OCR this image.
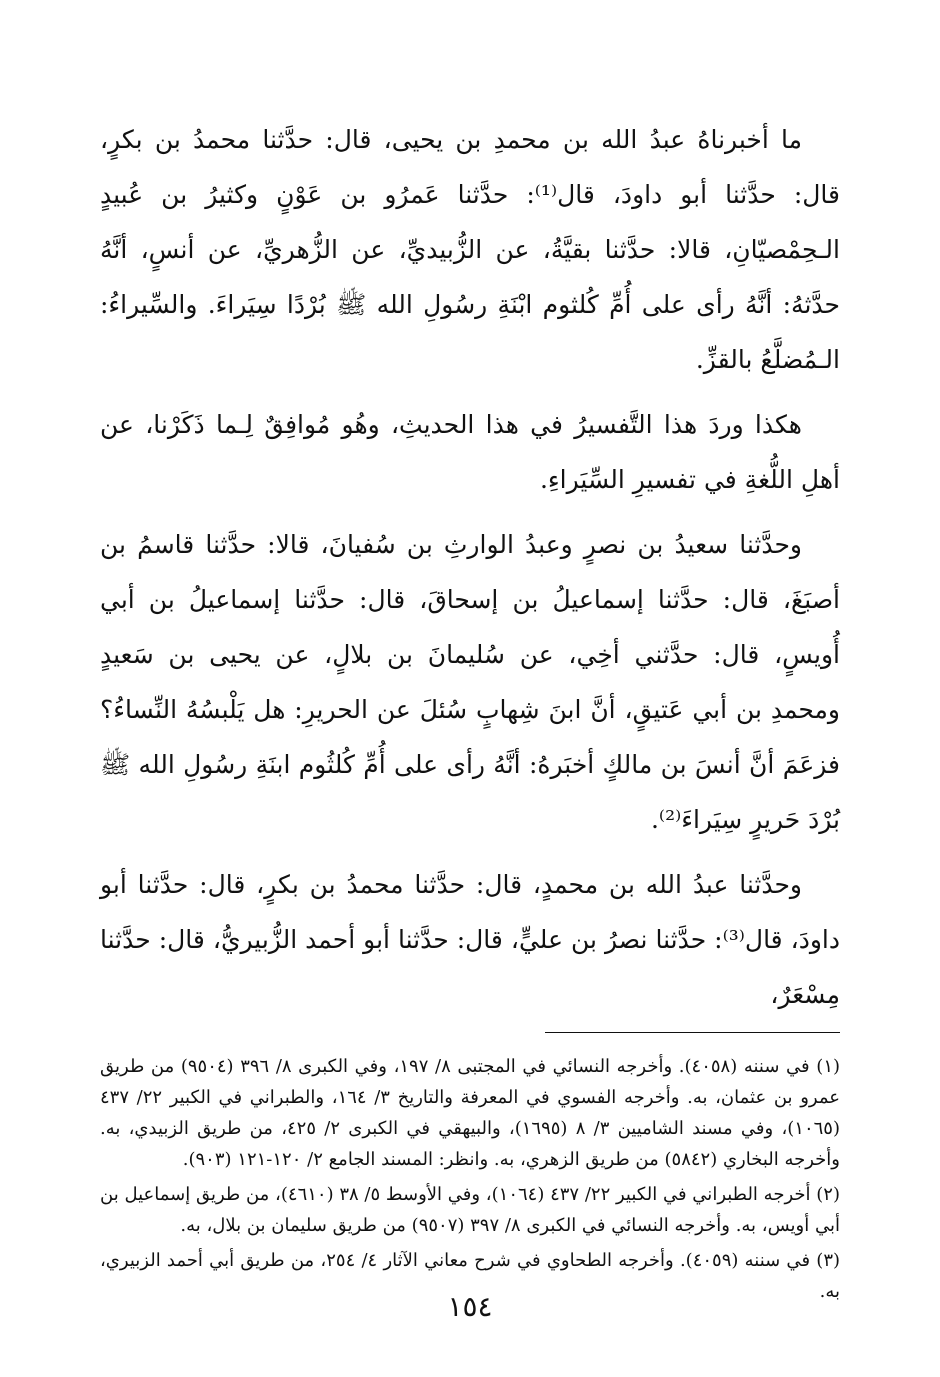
ما أخبرناهُ عبدُ الله بن محمدِ بن يحيى، قال: حدَّثنا محمدُ بن بكرٍ، قال: حدَّثنا أبو داودَ، قال⁽¹⁾: حدَّثنا عَمرُو بن عَوْنٍ وكثيرُ بن عُبيدٍ الـحِمْصيّانِ، قالا: حدَّثنا بقيَّةُ، عن الزُّبيديِّ، عن الزُّهريِّ، عن أنسٍ، أنَّهُ حدَّثهُ: أنَّهُ رأى على أُمِّ كُلثوم ابْنَةِ رسُولِ الله ﷺ بُرْدًا سِيَراءَ. والسِّيراءُ: الـمُضلَّعُ بالقزِّ.

هكذا وردَ هذا التَّفسيرُ في هذا الحديثِ، وهُو مُوافِقٌ لِـما ذَكَرْنا، عن أهلِ اللُّغةِ في تفسيرِ السِّيَراءِ.

وحدَّثنا سعيدُ بن نصرٍ وعبدُ الوارثِ بن سُفيانَ، قالا: حدَّثنا قاسمُ بن أصبَغَ، قال: حدَّثنا إسماعيلُ بن إسحاقَ، قال: حدَّثنا إسماعيلُ بن أبي أُويسٍ، قال: حدَّثني أخِي، عن سُليمانَ بن بلالٍ، عن يحيى بن سَعيدٍ ومحمدِ بن أبي عَتيقٍ، أنَّ ابنَ شِهابٍ سُئلَ عن الحريرِ: هل يَلْبسُهُ النِّساءُ؟ فزعَمَ أنَّ أنسَ بن مالكٍ أخبَرهُ: أنَّهُ رأى على أُمِّ كُلثُوم ابنَةِ رسُولِ الله ﷺ بُرْدَ حَريرٍ سِيَراءَ⁽²⁾.

وحدَّثنا عبدُ الله بن محمدٍ، قال: حدَّثنا محمدُ بن بكرٍ، قال: حدَّثنا أبو داودَ، قال⁽³⁾: حدَّثنا نصرُ بن عليٍّ، قال: حدَّثنا أبو أحمد الزُّبيريُّ، قال: حدَّثنا مِسْعَرٌ،

(١) في سننه (٤٠٥٨). وأخرجه النسائي في المجتبى ٨/ ١٩٧، وفي الكبرى ٨/ ٣٩٦ (٩٥٠٤) من طريق عمرو بن عثمان، به. وأخرجه الفسوي في المعرفة والتاريخ ٣/ ١٦٤، والطبراني في الكبير ٢٢/ ٤٣٧ (١٠٦٥)، وفي مسند الشاميين ٣/ ٨ (١٦٩٥)، والبيهقي في الكبرى ٢/ ٤٢٥، من طريق الزبيدي، به. وأخرجه البخاري (٥٨٤٢) من طريق الزهري، به. وانظر: المسند الجامع ٢/ ١٢٠-١٢١ (٩٠٣).
(٢) أخرجه الطبراني في الكبير ٢٢/ ٤٣٧ (١٠٦٤)، وفي الأوسط ٥/ ٣٨ (٤٦١٠)، من طريق إسماعيل بن أبي أويس، به. وأخرجه النسائي في الكبرى ٨/ ٣٩٧ (٩٥٠٧) من طريق سليمان بن بلال، به.
(٣) في سننه (٤٠٥٩). وأخرجه الطحاوي في شرح معاني الآثار ٤/ ٢٥٤، من طريق أبي أحمد الزبيري، به.
١٥٤
